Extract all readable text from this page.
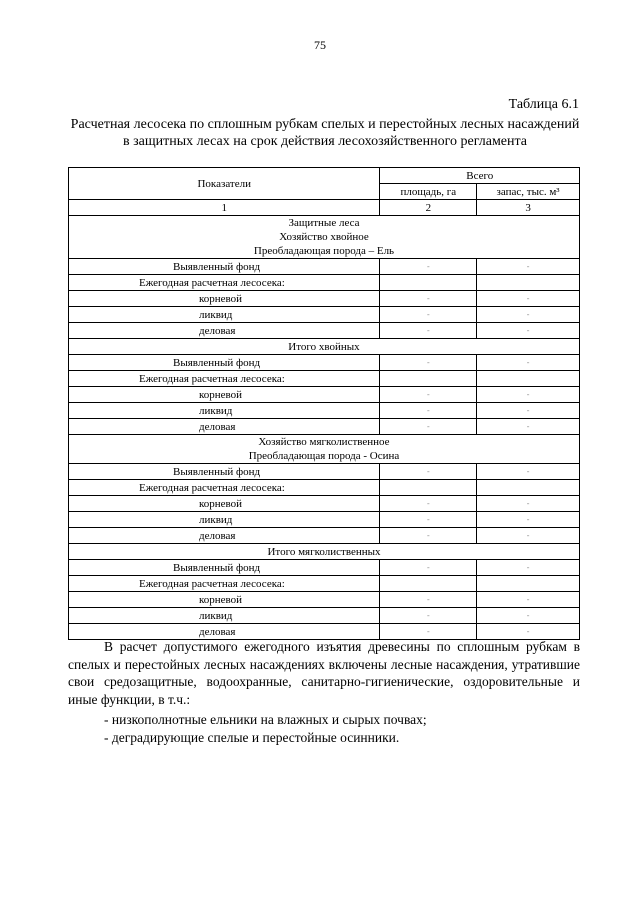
75
Таблица 6.1
Расчетная лесосека по сплошным рубкам спелых и перестойных лесных насаждений в защитных лесах на срок действия лесохозяйственного регламента
Показатели	Всего	
	площадь, га	запас, тыс. м³
1	2	3

Защитные леса
Хозяйство хвойное
Преобладающая порода – Ель		

Выявленный фонд	-	-
Ежегодная расчетная лесосека:		
корневой	-	-
ликвид	-	-
деловая	-	-
Итого хвойных		
Выявленный фонд	-	-
Ежегодная расчетная лесосека:		
корневой	-	-
ликвид	-	-
деловая	-	-

Хозяйство мягколиственное
Преобладающая порода - Осина		

Выявленный фонд	-	-
Ежегодная расчетная лесосека:		
корневой	-	-
ликвид	-	-
деловая	-	-
Итого мягколиственных		
Выявленный фонд	-	-
Ежегодная расчетная лесосека:		
корневой	-	-
ликвид	-	-
деловая	-	-
В расчет допустимого ежегодного изъятия древесины по сплошным рубкам в спелых и перестойных лесных насаждениях включены лесные насаждения, утратившие свои средозащитные, водоохранные, санитарно-гигиенические, оздоровительные и иные функции, в т.ч.:
- низкополнотные ельники на влажных и сырых почвах;
- деградирующие спелые и перестойные осинники.
